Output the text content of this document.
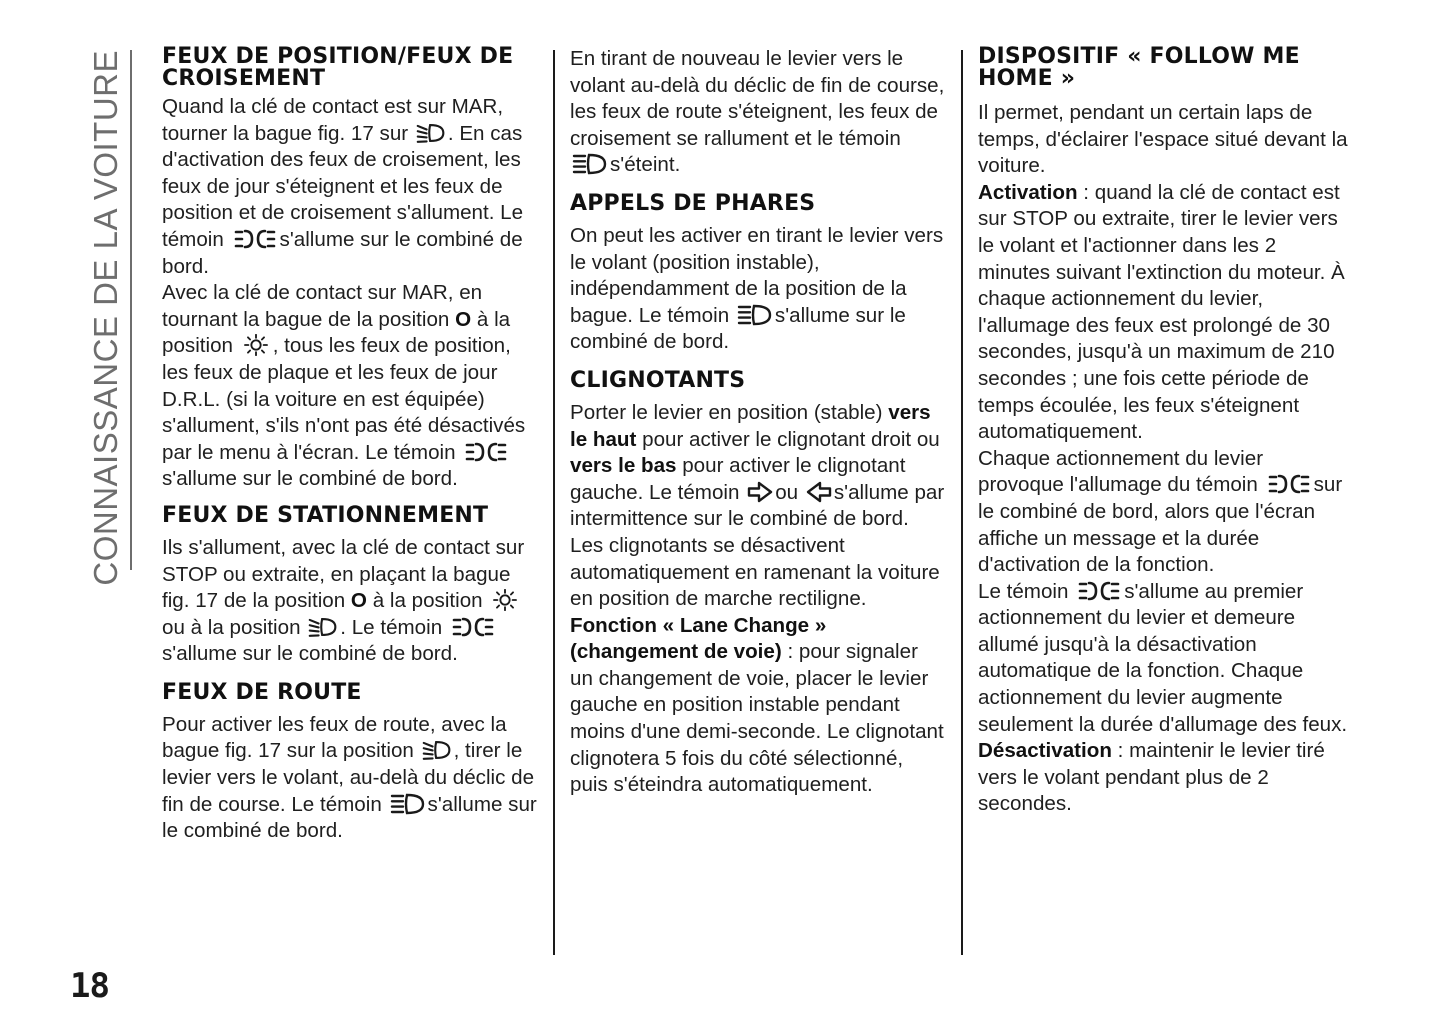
CONNAISSANCE DE LA VOITURE
18
FEUX DE POSITION/FEUX DE CROISEMENT

Quand la clé de contact est sur MAR, tourner la bague fig. 17 sur . En cas d'activation des feux de croisement, les feux de jour s'éteignent et les feux de position et de croisement s'allument. Le témoin	s'allume sur le combiné de bord.

Avec la clé de contact sur MAR, en tournant la bague de la position O à la position , tous les feux de position, les feux de plaque et les feux de jour D.R.L. (si la voiture en est équipée) s'allument, s'ils n'ont pas été désactivés par le menu à l'écran. Le témoin s'allume sur le combiné de bord.

FEUX DE STATIONNEMENT

Ils s'allument, avec la clé de contact sur STOP ou extraite, en plaçant la bague fig. 17 de la position O à la position ou à la position . Le témoin s'allume sur le combiné de bord.

FEUX DE ROUTE

Pour activer les feux de route, avec la bague fig. 17 sur la position , tirer le levier vers le volant, au-delà du déclic de fin de course. Le témoin s'allume sur le combiné de bord.

En tirant de nouveau le levier vers le volant au-delà du déclic de fin de course, les feux de route s'éteignent, les feux de croisement se rallument et le témoin s'éteint.

APPELS DE PHARES

On peut les activer en tirant le levier vers le volant (position instable), indépendamment de la position de la bague. Le témoin s'allume sur le combiné de bord.

CLIGNOTANTS

Porter le levier en position (stable) vers le haut pour activer le clignotant droit ou vers le bas pour activer le clignotant gauche. Le témoin ou s'allume par intermittence sur le combiné de bord.

Les clignotants se désactivent automatiquement en ramenant la voiture en position de marche rectiligne.

Fonction « Lane Change » (changement de voie) : pour signaler un changement de voie, placer le levier gauche en position instable pendant moins d'une demi-seconde. Le clignotant clignotera 5 fois du côté sélectionné, puis s'éteindra automatiquement.

DISPOSITIF « FOLLOW ME HOME »

Il permet, pendant un certain laps de temps, d'éclairer l'espace situé devant la voiture.

Activation : quand la clé de contact est sur STOP ou extraite, tirer le levier vers le volant et l'actionner dans les 2 minutes suivant l'extinction du moteur. À chaque actionnement du levier, l'allumage des feux est prolongé de 30 secondes, jusqu'à un maximum de 210 secondes ; une fois cette période de temps écoulée, les feux s'éteignent automatiquement.

Chaque actionnement du levier provoque l'allumage du témoin	sur le combiné de bord, alors que l'écran affiche un message et la durée d'activation de la fonction.

Le témoin	s'allume au premier actionnement du levier et demeure allumé jusqu'à la désactivation automatique de la fonction. Chaque actionnement du levier augmente seulement la durée d'allumage des feux.

Désactivation : maintenir le levier tiré vers le volant pendant plus de 2 secondes.
